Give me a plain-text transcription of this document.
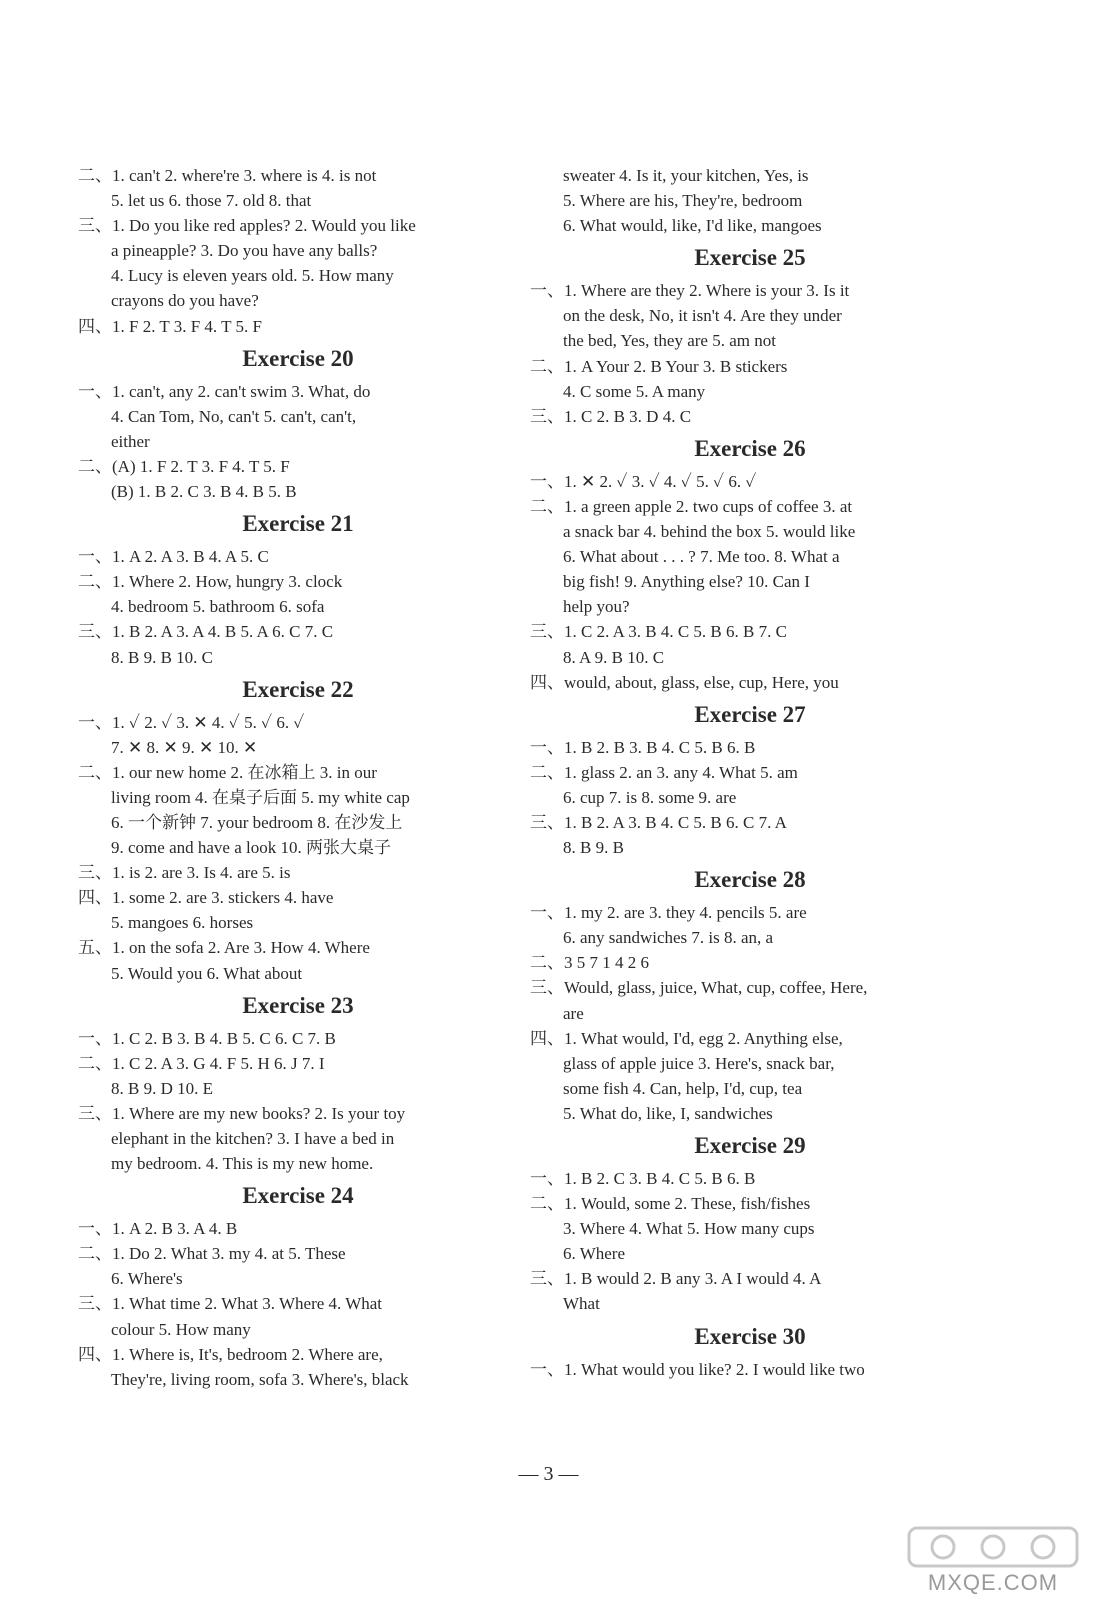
二、1. can't 2. where're 3. where is 4. is not
5. let us 6. those 7. old 8. that
三、1. Do you like red apples? 2. Would you like
a pineapple? 3. Do you have any balls?
4. Lucy is eleven years old. 5. How many
crayons do you have?
四、1. F 2. T 3. F 4. T 5. F
Exercise 20
一、1. can't, any 2. can't swim 3. What, do
4. Can Tom, No, can't 5. can't, can't,
either
二、(A) 1. F 2. T 3. F 4. T 5. F
(B) 1. B 2. C 3. B 4. B 5. B
Exercise 21
一、1. A 2. A 3. B 4. A 5. C
二、1. Where 2. How, hungry 3. clock
4. bedroom 5. bathroom 6. sofa
三、1. B 2. A 3. A 4. B 5. A 6. C 7. C
8. B 9. B 10. C
Exercise 22
一、1. ✓ 2. ✓ 3. ✕ 4. ✓ 5. ✓ 6. ✓
7. ✕ 8. ✕ 9. ✕ 10. ✕
二、1. our new home 2. 在冰箱上 3. in our
living room 4. 在桌子后面 5. my white cap
6. 一个新钟 7. your bedroom 8. 在沙发上
9. come and have a look 10. 两张大桌子
三、1. is 2. are 3. Is 4. are 5. is
四、1. some 2. are 3. stickers 4. have
5. mangoes 6. horses
五、1. on the sofa 2. Are 3. How 4. Where
5. Would you 6. What about
Exercise 23
一、1. C 2. B 3. B 4. B 5. C 6. C 7. B
二、1. C 2. A 3. G 4. F 5. H 6. J 7. I
8. B 9. D 10. E
三、1. Where are my new books? 2. Is your toy
elephant in the kitchen? 3. I have a bed in
my bedroom. 4. This is my new home.
Exercise 24
一、1. A 2. B 3. A 4. B
二、1. Do 2. What 3. my 4. at 5. These
6. Where's
三、1. What time 2. What 3. Where 4. What
colour 5. How many
四、1. Where is, It's, bedroom 2. Where are,
They're, living room, sofa 3. Where's, black
sweater 4. Is it, your kitchen, Yes, is
5. Where are his, They're, bedroom
6. What would, like, I'd like, mangoes
Exercise 25
一、1. Where are they 2. Where is your 3. Is it
on the desk, No, it isn't 4. Are they under
the bed, Yes, they are 5. am not
二、1. A Your 2. B Your 3. B stickers
4. C some 5. A many
三、1. C 2. B 3. D 4. C
Exercise 26
一、1. ✕ 2. ✓ 3. ✓ 4. ✓ 5. ✓ 6. ✓
二、1. a green apple 2. two cups of coffee 3. at
a snack bar 4. behind the box 5. would like
6. What about . . . ? 7. Me too. 8. What a
big fish! 9. Anything else? 10. Can I
help you?
三、1. C 2. A 3. B 4. C 5. B 6. B 7. C
8. A 9. B 10. C
四、would, about, glass, else, cup, Here, you
Exercise 27
一、1. B 2. B 3. B 4. C 5. B 6. B
二、1. glass 2. an 3. any 4. What 5. am
6. cup 7. is 8. some 9. are
三、1. B 2. A 3. B 4. C 5. B 6. C 7. A
8. B 9. B
Exercise 28
一、1. my 2. are 3. they 4. pencils 5. are
6. any sandwiches 7. is 8. an, a
二、3 5 7 1 4 2 6
三、Would, glass, juice, What, cup, coffee, Here,
are
四、1. What would, I'd, egg 2. Anything else,
glass of apple juice 3. Here's, snack bar,
some fish 4. Can, help, I'd, cup, tea
5. What do, like, I, sandwiches
Exercise 29
一、1. B 2. C 3. B 4. C 5. B 6. B
二、1. Would, some 2. These, fish/fishes
3. Where 4. What 5. How many cups
6. Where
三、1. B would 2. B any 3. A I would 4. A
What
Exercise 30
一、1. What would you like? 2. I would like two
— 3 —
MXQE.COM
